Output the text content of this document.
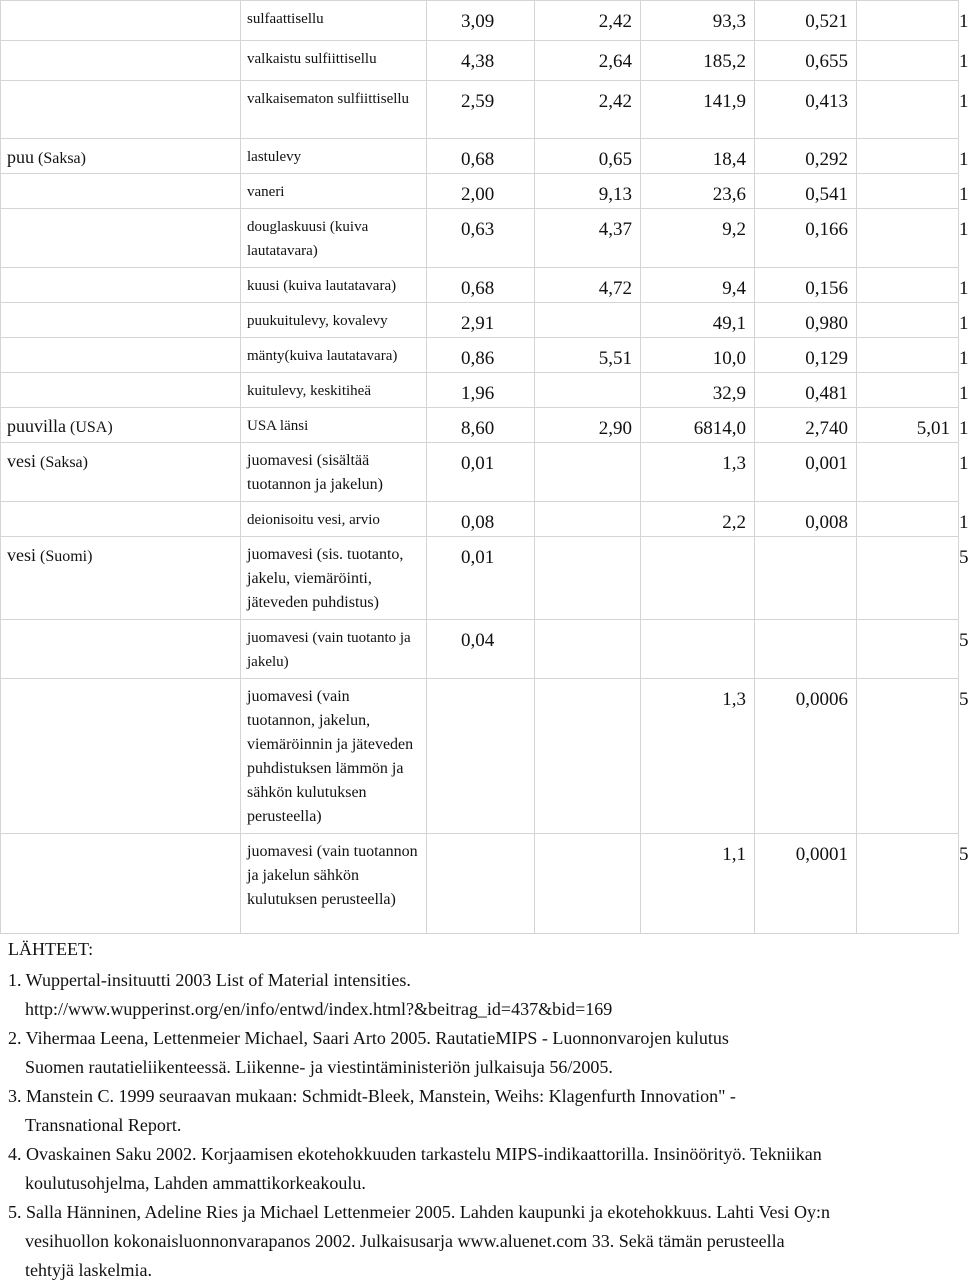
	sulfaattisellu	3,09	2,42	93,3	0,521		1
	valkaistu sulfiittisellu	4,38	2,64	185,2	0,655		1
	valkaisematon sulfiittisellu	2,59	2,42	141,9	0,413		1
puu (Saksa)	lastulevy	0,68	0,65	18,4	0,292		1
	vaneri	2,00	9,13	23,6	0,541		1
	douglaskuusi (kuiva lautatavara)	0,63	4,37	9,2	0,166		1
	kuusi (kuiva lautatavara)	0,68	4,72	9,4	0,156		1
	puukuitulevy, kovalevy	2,91		49,1	0,980		1
	mänty(kuiva lautatavara)	0,86	5,51	10,0	0,129		1
	kuitulevy, keskitiheä	1,96		32,9	0,481		1
puuvilla (USA)	USA länsi	8,60	2,90	6814,0	2,740	5,01	1
vesi (Saksa)	juomavesi (sisältää tuotannon ja jakelun)	0,01		1,3	0,001		1
	deionisoitu vesi, arvio	0,08		2,2	0,008		1
vesi (Suomi)	juomavesi (sis. tuotanto, jakelu, viemäröinti, jäteveden puhdistus)	0,01					5
	juomavesi (vain tuotanto ja jakelu)	0,04					5
	juomavesi (vain tuotannon, jakelun, viemäröinnin ja jäteveden puhdistuksen lämmön ja sähkön kulutuksen perusteella)			1,3	0,0006		5
	juomavesi (vain tuotannon ja jakelun sähkön kulutuksen perusteella)			1,1	0,0001		5
LÄHTEET:
1. Wuppertal-insituutti 2003 List of Material intensities.
http://www.wupperinst.org/en/info/entwd/index.html?&beitrag_id=437&bid=169
2. Vihermaa Leena, Lettenmeier Michael, Saari Arto 2005. RautatieMIPS - Luonnonvarojen kulutus
Suomen rautatieliikenteessä. Liikenne- ja viestintäministeriön julkaisuja 56/2005.
3. Manstein C. 1999 seuraavan mukaan: Schmidt-Bleek, Manstein, Weihs: Klagenfurth Innovation" -
Transnational Report.
4. Ovaskainen Saku 2002. Korjaamisen ekotehokkuuden tarkastelu MIPS-indikaattorilla. Insinöörityö. Tekniikan
koulutusohjelma, Lahden ammattikorkeakoulu.
5. Salla Hänninen, Adeline Ries ja Michael Lettenmeier 2005. Lahden kaupunki ja ekotehokkuus. Lahti Vesi Oy:n
vesihuollon kokonaisluonnonvarapanos 2002. Julkaisusarja www.aluenet.com 33. Sekä tämän perusteella
tehtyjä laskelmia.
